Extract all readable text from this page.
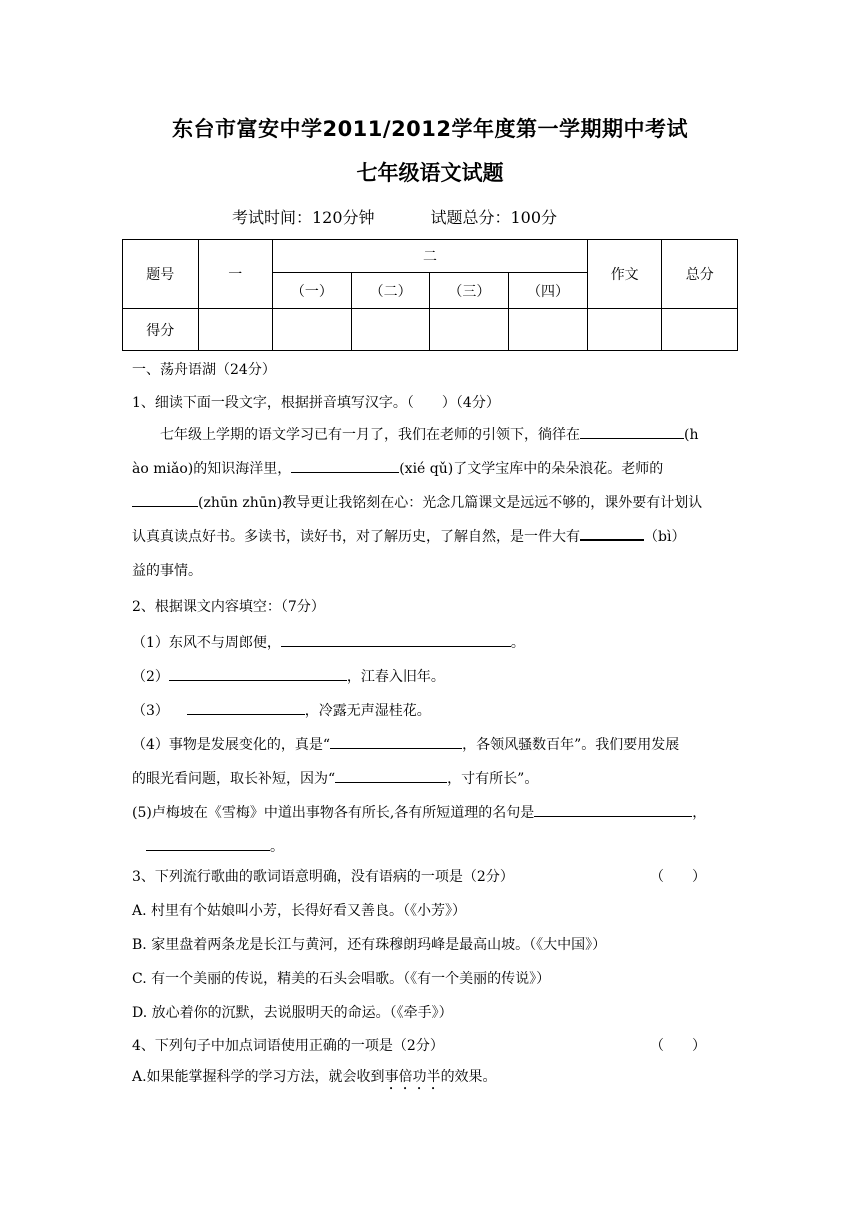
东台市富安中学2011/2012学年度第一学期期中考试
七年级语文试题
考试时间：120分钟	试题总分：100分
题号	一	二				作文	总分
		（一）	（二）	（三）	（四）		
得分							
一、荡舟语湖（24分）
1、细读下面一段文字，根据拼音填写汉字。（　　）（4分）
七年级上学期的语文学习已有一月了，我们在老师的引领下，徜徉在	(h
ào miǎo)的知识海洋里，	(xié qǔ)了文学宝库中的朵朵浪花。老师的
(zhūn zhūn)教导更让我铭刻在心：光念几篇课文是远远不够的，课外要有计划认
认真真读点好书。多读书，读好书，对了解历史，了解自然，是一件大有	（bì）
益的事情。
2、根据课文内容填空：（7分）
（1）东风不与周郎便，	。
（2）	，江春入旧年。
（3）	，冷露无声湿桂花。
（4）事物是发展变化的，真是“	，各领风骚数百年”。我们要用发展
的眼光看问题，取长补短，因为“	，寸有所长”。
(5)卢梅坡在《雪梅》中道出事物各有所长,各有所短道理的名句是	，
。
3、下列流行歌曲的歌词语意明确，没有语病的一项是（2分）	（　　）
A. 村里有个姑娘叫小芳，长得好看又善良。（《小芳》）
B. 家里盘着两条龙是长江与黄河，还有珠穆朗玛峰是最高山坡。（《大中国》）
C. 有一个美丽的传说，精美的石头会唱歌。（《有一个美丽的传说》）
D. 放心着你的沉默，去说服明天的命运。（《牵手》）
4、下列句子中加点词语使用正确的一项是（2分）	（　　）
A.如果能掌握科学的学习方法，就会收到事倍功半的效果。
